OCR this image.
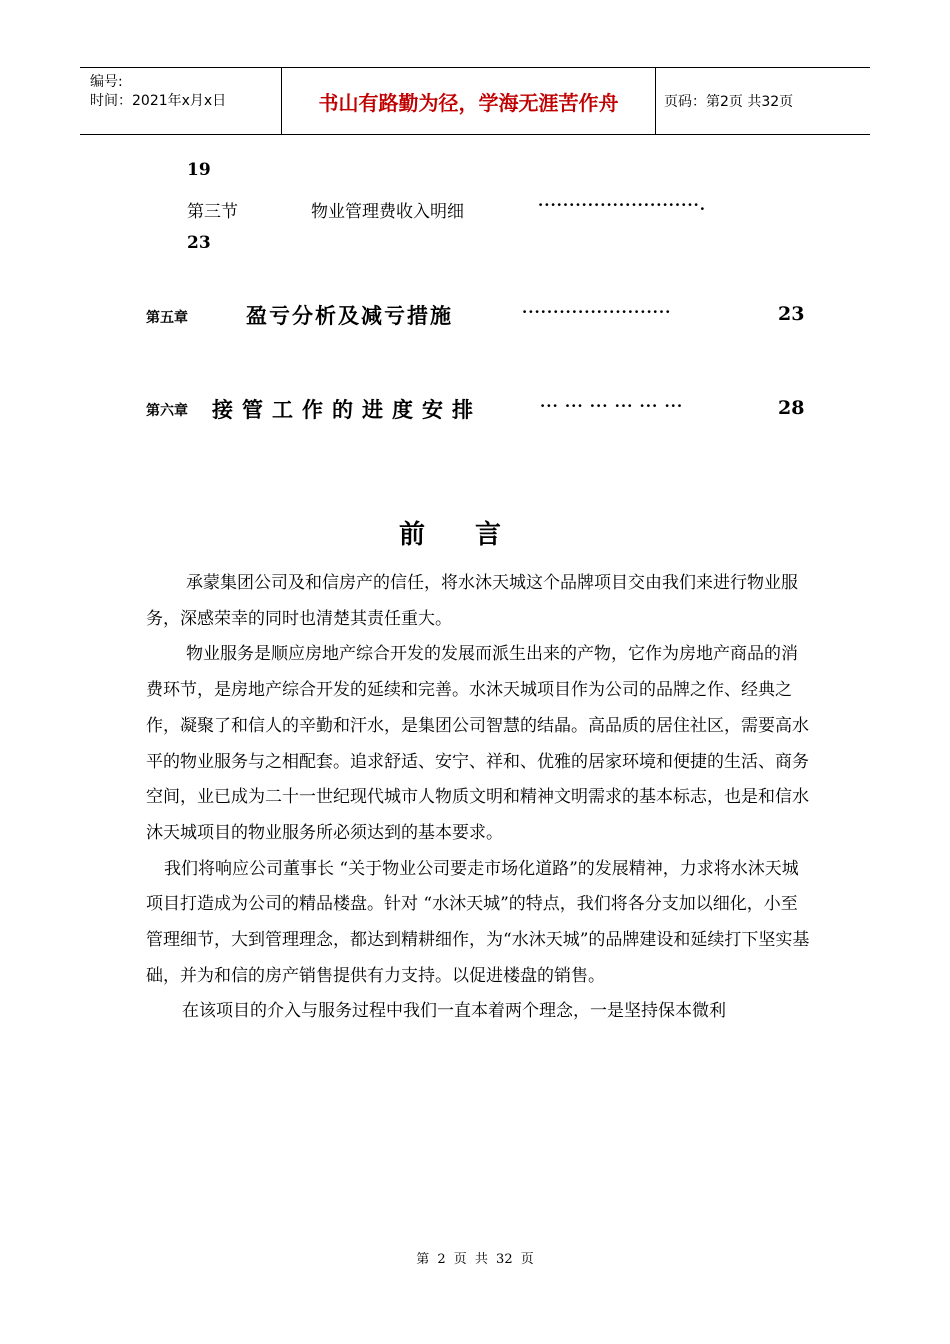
编号:
时间：2021年x月x日	书山有路勤为径，学海无涯苦作舟	页码：第2页 共32页
19
第三节	物业管理费收入明细	··························.
23
第五章	盈亏分析及减亏措施	························	23
第六章 接管工作的进度安排	··· ··· ··· ··· ··· ···	28
前言

承蒙集团公司及和信房产的信任，将水沐天城这个品牌项目交由我们来进行物业服务，深感荣幸的同时也清楚其责任重大。

物业服务是顺应房地产综合开发的发展而派生出来的产物，它作为房地产商品的消费环节，是房地产综合开发的延续和完善。水沐天城项目作为公司的品牌之作、经典之作，凝聚了和信人的辛勤和汗水，是集团公司智慧的结晶。高品质的居住社区，需要高水平的物业服务与之相配套。追求舒适、安宁、祥和、优雅的居家环境和便捷的生活、商务空间，业已成为二十一世纪现代城市人物质文明和精神文明需求的基本标志，也是和信水沐天城项目的物业服务所必须达到的基本要求。

我们将响应公司董事长 “关于物业公司要走市场化道路”的发展精神，力求将水沐天城项目打造成为公司的精品楼盘。针对 “水沐天城”的特点，我们将各分支加以细化，小至管理细节，大到管理理念，都达到精耕细作，为“水沐天城”的品牌建设和延续打下坚实基础，并为和信的房产销售提供有力支持。以促进楼盘的销售。

在该项目的介入与服务过程中我们一直本着两个理念，一是坚持保本微利

第 2 页 共 32 页
